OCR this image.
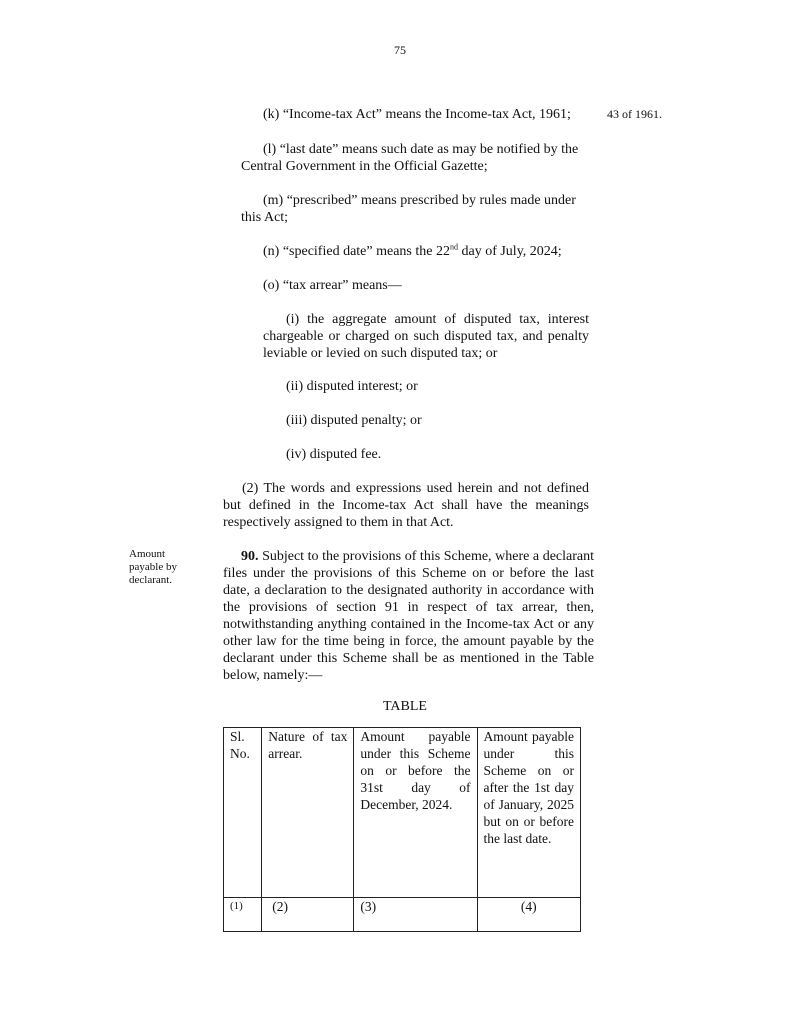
75
(k) “Income-tax Act” means the Income-tax Act, 1961;	43 of 1961.
(l) “last date” means such date as may be notified by the
Central Government in the Official Gazette;
(m) “prescribed” means prescribed by rules made under
this Act;
(n) “specified date” means the 22nd day of July, 2024;
(o) “tax arrear” means—
(i) the aggregate amount of disputed tax, interest chargeable or charged on such disputed tax, and penalty leviable or levied on such disputed tax; or
(ii) disputed interest; or
(iii) disputed penalty; or
(iv) disputed fee.
(2) The words and expressions used herein and not defined but defined in the Income-tax Act shall have the meanings respectively assigned to them in that Act.
Amount payable by declarant.
90. Subject to the provisions of this Scheme, where a declarant files under the provisions of this Scheme on or before the last date, a declaration to the designated authority in accordance with the provisions of section 91 in respect of tax arrear, then, notwithstanding anything contained in the Income-tax Act or any other law for the time being in force, the amount payable by the declarant under this Scheme shall be as mentioned in the Table below, namely:—
TABLE
Sl. No.	Nature of tax arrear.	Amount payable under this Scheme on or before the 31st day of December, 2024.	Amount payable under this Scheme on or after the 1st day of January, 2025 but on or before the last date.
(1)	(2)	(3)	(4)
